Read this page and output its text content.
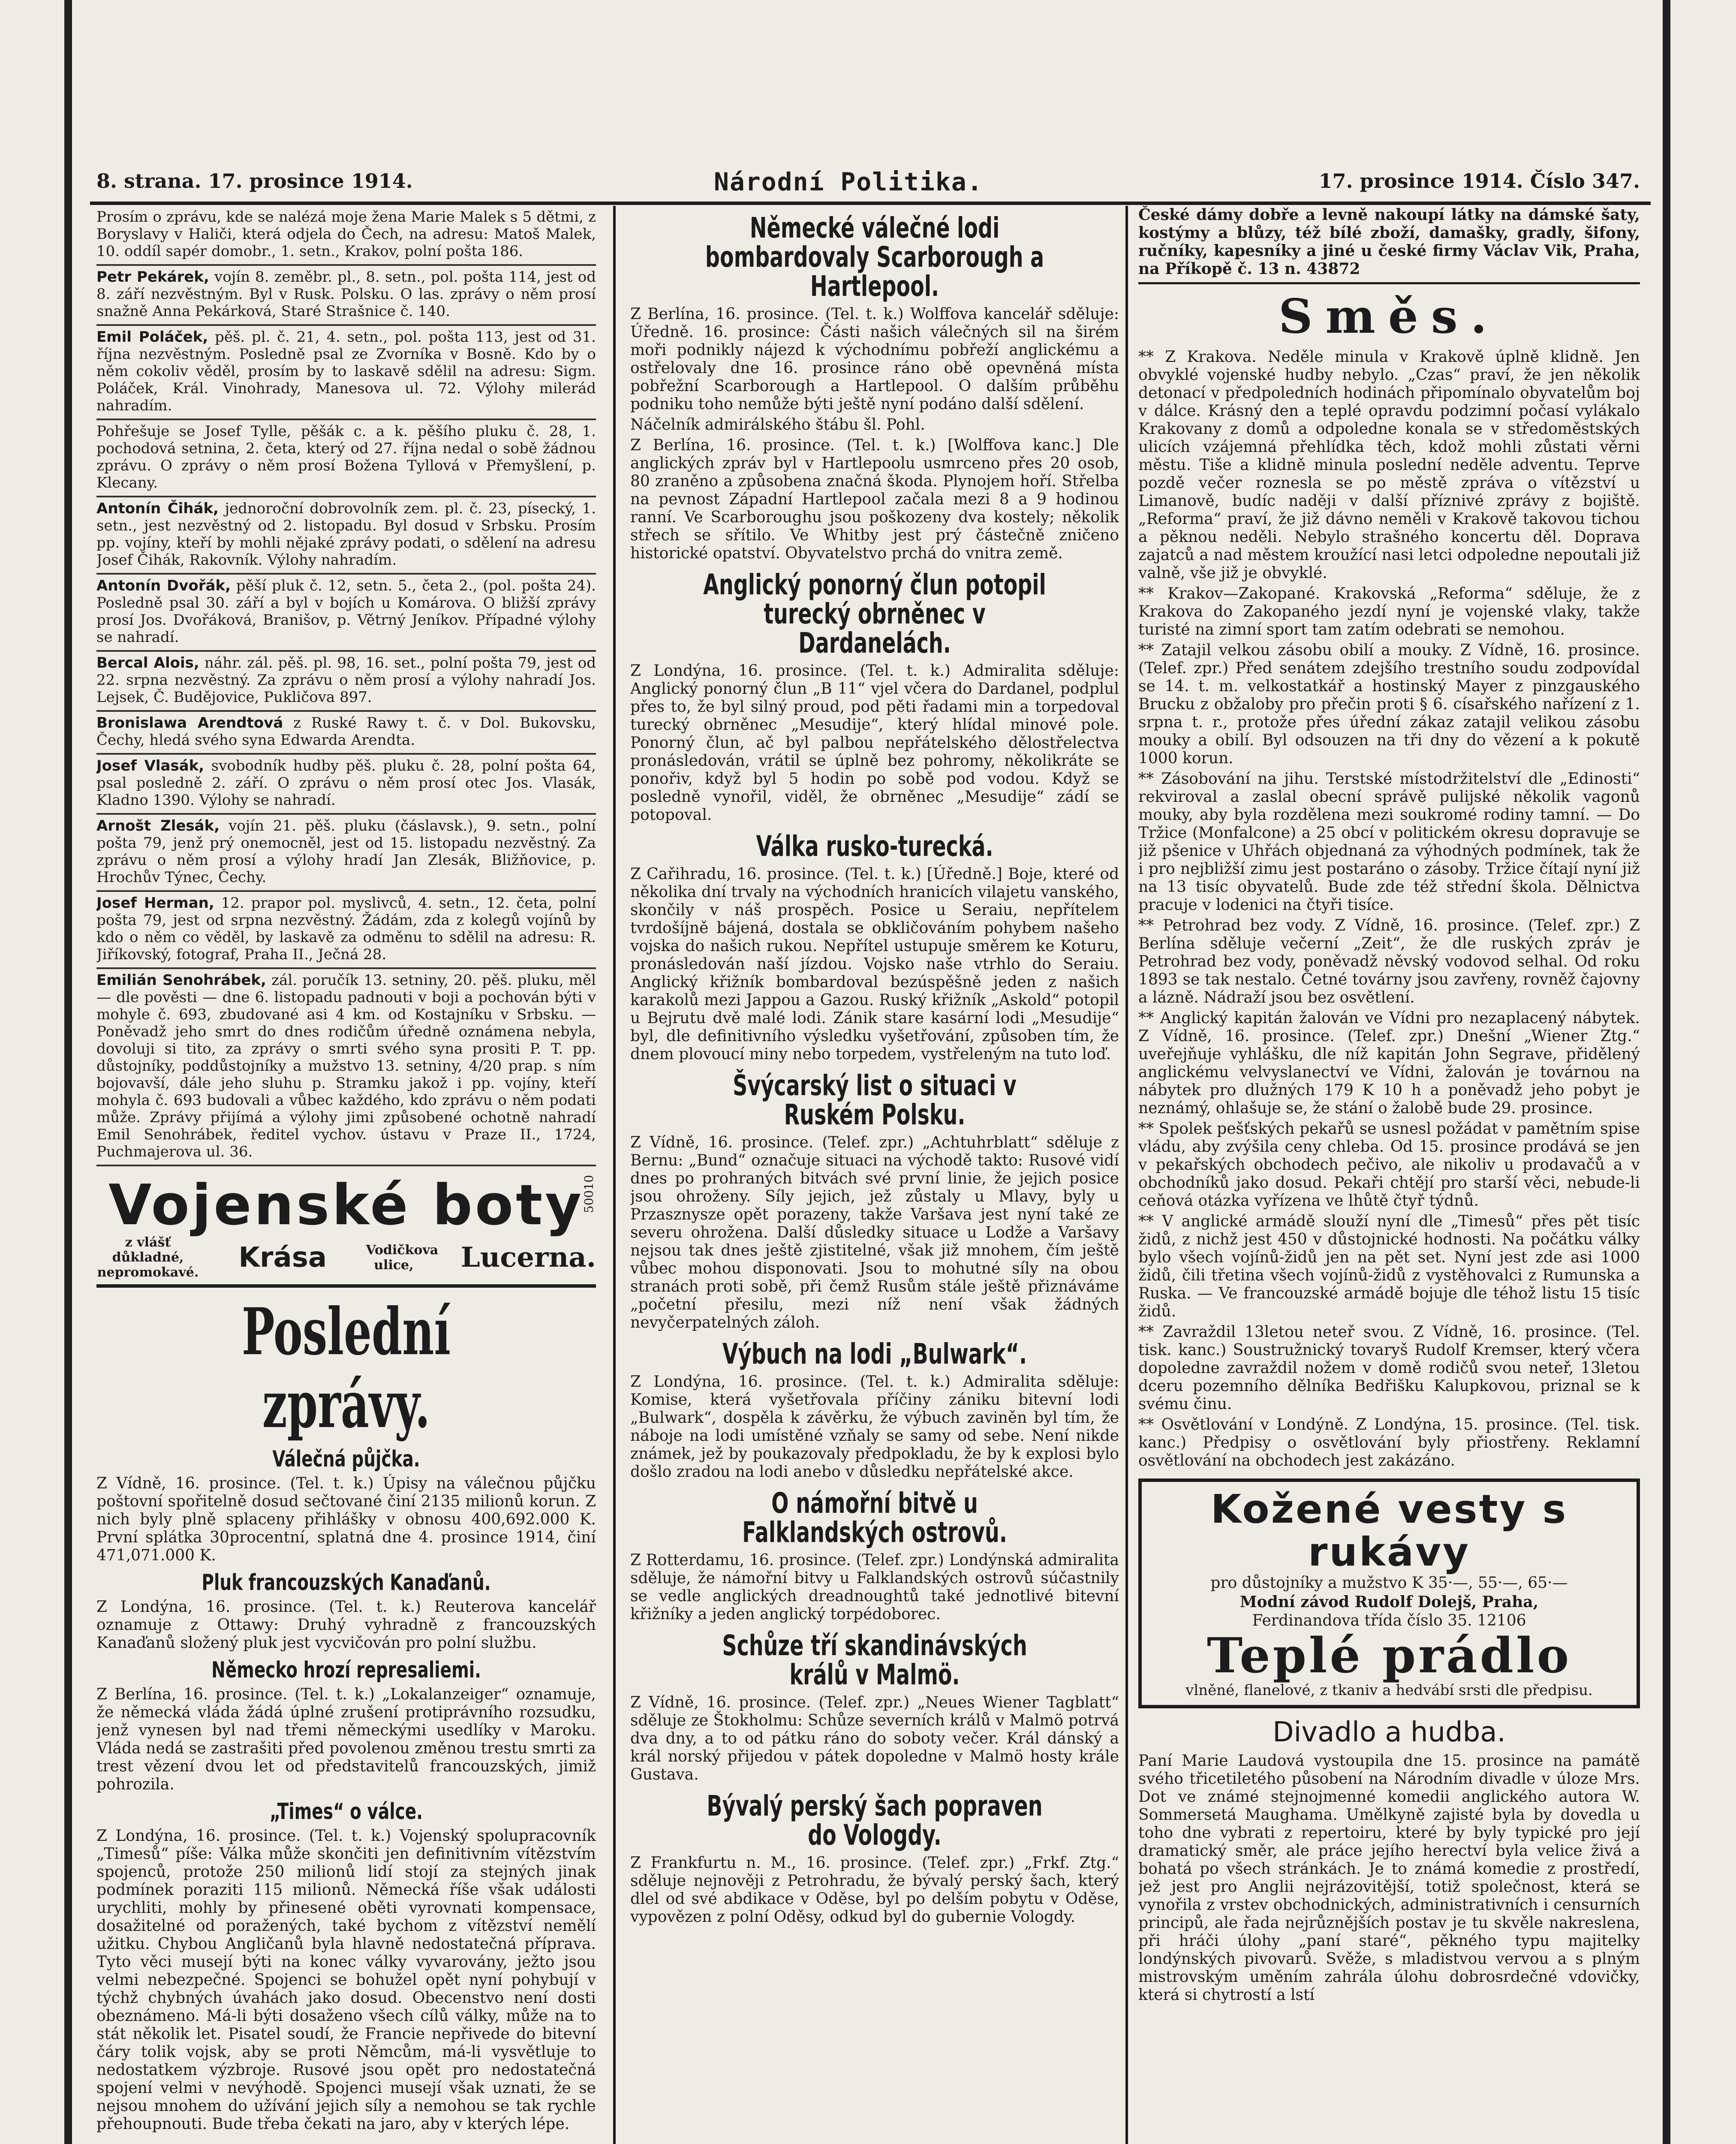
8. strana. 17. prosince 1914.	Národní Politika.	17. prosince 1914. Číslo 347.

Prosím o zprávu, kde se nalézá moje žena Marie Malek s 5 dětmi, z Boryslavy v Haliči, která odjela do Čech, na adresu: Matoš Malek, 10. oddíl sapér domobr., 1. setn., Krakov, polní pošta 186.

Petr Pekárek, vojín 8. zeměbr. pl., 8. setn., pol. pošta 114, jest od 8. září nezvěstným. Byl v Rusk. Polsku. O las. zprávy o něm prosí snažně Anna Pekárková, Staré Strašnice č. 140.

Emil Poláček, pěš. pl. č. 21, 4. setn., pol. pošta 113, jest od 31. října nezvěstným. Posledně psal ze Zvorníka v Bosně. Kdo by o něm cokoliv věděl, prosím by to laskavě sdělil na adresu: Sigm. Poláček, Král. Vinohrady, Manesova ul. 72. Výlohy milerád nahradím.

Pohřešuje se Josef Tylle, pěšák c. a k. pěšího pluku č. 28, 1. pochodová setnina, 2. četa, který od 27. října nedal o sobě žádnou zprávu. O zprávy o něm prosí Božena Tyllová v Přemyšlení, p. Klecany.

Antonín Čihák, jednoroční dobrovolník zem. pl. č. 23, písecký, 1. setn., jest nezvěstný od 2. listopadu. Byl dosud v Srbsku. Prosím pp. vojíny, kteří by mohli nějaké zprávy podati, o sdělení na adresu Josef Čihák, Rakovník. Výlohy nahradím.

Antonín Dvořák, pěší pluk č. 12, setn. 5., četa 2., (pol. pošta 24). Posledně psal 30. září a byl v bojích u Komárova. O bližší zprávy prosí Jos. Dvořáková, Branišov, p. Větrný Jeníkov. Případné výlohy se nahradí.

Bercal Alois, náhr. zál. pěš. pl. 98, 16. set., polní pošta 79, jest od 22. srpna nezvěstný. Za zprávu o něm prosí a výlohy nahradí Jos. Lejsek, Č. Budějovice, Pukličova 897.

Bronislawa Arendtová z Ruské Rawy t. č. v Dol. Bukovsku, Čechy, hledá svého syna Edwarda Arendta.

Josef Vlasák, svobodník hudby pěš. pluku č. 28, polní pošta 64, psal posledně 2. září. O zprávu o něm prosí otec Jos. Vlasák, Kladno 1390. Výlohy se nahradí.

Arnošt Zlesák, vojín 21. pěš. pluku (čáslavsk.), 9. setn., polní pošta 79, jenž prý onemocněl, jest od 15. listopadu nezvěstný. Za zprávu o něm prosí a výlohy hradí Jan Zlesák, Bližňovice, p. Hrochův Týnec, Čechy.

Josef Herman, 12. prapor pol. myslivců, 4. setn., 12. četa, polní pošta 79, jest od srpna nezvěstný. Žádám, zda z kolegů vojínů by kdo o něm co věděl, by laskavě za odměnu to sdělil na adresu: R. Jiříkovský, fotograf, Praha II., Ječná 28.

Emilián Senohrábek, zál. poručík 13. setniny, 20. pěš. pluku, měl — dle pověsti — dne 6. listopadu padnouti v boji a pochován býti v mohyle č. 693, zbudované asi 4 km. od Kostajníku v Srbsku. — Poněvadž jeho smrt do dnes rodičům úředně oznámena nebyla, dovoluji si tito, za zprávy o smrti svého syna prositi P. T. pp. důstojníky, poddůstojníky a mužstvo 13. setniny, 4/20 prap. s ním bojovavší, dále jeho sluhu p. Stramku jakož i pp. vojíny, kteří mohyla č. 693 budovali a vůbec každého, kdo zprávu o něm podati může. Zprávy přijímá a výlohy jimi způsobené ochotně nahradí Emil Senohrábek, ředitel vychov. ústavu v Praze II., 1724, Puchmajerova ul. 36.

Vojenské boty
z vlášť důkladné, nepromokavé. Krása	Vodičkova ulice, Lucerna.
50010
Poslední zprávy.
Válečná půjčka.

Z Vídně, 16. prosince. (Tel. t. k.) Úpisy na válečnou půjčku poštovní spořitelně dosud sečtované činí 2135 milionů korun. Z nich byly plně splaceny přihlášky v obnosu 400,692.000 K. První splátka 30procentní, splatná dne 4. prosince 1914, činí 471,071.000 K.

Pluk francouzských Kanaďanů.

Z Londýna, 16. prosince. (Tel. t. k.) Reuterova kancelář oznamuje z Ottawy: Druhý vyhradně z francouzských Kanaďanů složený pluk jest vycvičován pro polní službu.

Německo hrozí represaliemi.

Z Berlína, 16. prosince. (Tel. t. k.) „Lokalanzeiger“ oznamuje, že německá vláda žádá úplné zrušení protiprávního rozsudku, jenž vynesen byl nad třemi německými usedlíky v Maroku. Vláda nedá se zastrašiti před povolenou změnou trestu smrti za trest vězení dvou let od představitelů francouzských, jimiž pohrozila.

„Times“ o válce.

Z Londýna, 16. prosince. (Tel. t. k.) Vojenský spolupracovník „Timesů“ píše: Válka může skončiti jen definitivním vítězstvím spojenců, protože 250 milionů lidí stojí za stejných jinak podmínek poraziti 115 milionů. Německá říše však události urychliti, mohly by přinesené oběti vyrovnati kompensace, dosažitelné od poražených, také bychom z vítězství nemělí užitku. Chybou Angličanů byla hlavně nedostatečná příprava. Tyto věci musejí býti na konec války vyvarovány, ježto jsou velmi nebezpečné. Spojenci se bohužel opět nyní pohybují v týchž chybných úvahách jako dosud. Obecenstvo není dosti obeznámeno. Má-li býti dosaženo všech cílů války, může na to stát několik let. Pisatel soudí, že Francie nepřivede do bitevní čáry tolik vojsk, aby se proti Němcům, má-li vysvětluje to nedostatkem výzbroje. Rusové jsou opět pro nedostatečná spojení velmi v nevýhodě. Spojenci musejí však uznati, že se nejsou mnohem do užívání jejich síly a nemohou se tak rychle přehoupnouti. Bude třeba čekati na jaro, aby v kterých lépe.

Německé válečné lodi bombardovaly Scarborough a Hartlepool.

Z Berlína, 16. prosince. (Tel. t. k.) Wolffova kancelář sděluje: Úředně. 16. prosince: Části našich válečných sil na širém moři podnikly nájezd k východnímu pobřeží anglickému a ostřelovaly dne 16. prosince ráno obě opevněná místa pobřežní Scarborough a Hartlepool. O dalším průběhu podniku toho nemůže býti ještě nyní podáno další sdělení.

Náčelník admirálského štábu šl. Pohl.

Z Berlína, 16. prosince. (Tel. t. k.) [Wolffova kanc.] Dle anglických zpráv byl v Hartlepoolu usmrceno přes 20 osob, 80 zraněno a způsobena značná škoda. Plynojem hoří. Střelba na pevnost Západní Hartlepool začala mezi 8 a 9 hodinou ranní. Ve Scarboroughu jsou poškozeny dva kostely; několik střech se sřítilo. Ve Whitby jest prý částečně zničeno historické opatství. Obyvatelstvo prchá do vnitra země.

Anglický ponorný člun potopil turecký obrněnec v Dardanelách.

Z Londýna, 16. prosince. (Tel. t. k.) Admiralita sděluje: Anglický ponorný člun „B 11“ vjel včera do Dardanel, podplul přes to, že byl silný proud, pod pěti řadami min a torpedoval turecký obrněnec „Mesudije“, který hlídal minové pole. Ponorný člun, ač byl palbou nepřátelského dělostřelectva pronásledován, vrátil se úplně bez pohromy, několikráte se ponořiv, když byl 5 hodin po sobě pod vodou. Když se posledně vynořil, viděl, že obrněnec „Mesudije“ zádí se potopoval.

Válka rusko-turecká.

Z Cařihradu, 16. prosince. (Tel. t. k.) [Úředně.] Boje, které od několika dní trvaly na východních hranicích vilajetu vanského, skončily v náš prospěch. Posice u Seraiu, nepřítelem tvrdošíjně bájená, dostala se obkličováním pohybem našeho vojska do našich rukou. Nepřítel ustupuje směrem ke Koturu, pronásledován naší jízdou. Vojsko naše vtrhlo do Seraiu. Anglický křižník bombardoval bezúspěšně jeden z našich karakolů mezi Jappou a Gazou. Ruský křižník „Askold“ potopil u Bejrutu dvě malé lodi. Zánik stare kasární lodi „Mesudije“ byl, dle definitivního výsledku vyšetřování, způsoben tím, že dnem plovoucí miny nebo torpedem, vystřeleným na tuto loď.

Švýcarský list o situaci v Ruském Polsku.

Z Vídně, 16. prosince. (Telef. zpr.) „Achtuhrblatt“ sděluje z Bernu: „Bund“ označuje situaci na východě takto: Rusové vidí dnes po prohraných bitvách své první linie, že jejich posice jsou ohroženy. Síly jejich, jež zůstaly u Mlavy, byly u Przasznysze opět porazeny, takže Varšava jest nyní také ze severu ohrožena. Další důsledky situace u Lodže a Varšavy nejsou tak dnes ještě zjistitelné, však již mnohem, čím ještě vůbec mohou disponovati. Jsou to mohutné síly na obou stranách proti sobě, při čemž Rusům stále ještě přiznáváme „početní přesilu, mezi níž není však žádných nevyčerpatelných záloh.

Výbuch na lodi „Bulwark“.

Z Londýna, 16. prosince. (Tel. t. k.) Admiralita sděluje: Komise, která vyšetřovala příčiny zániku bitevní lodi „Bulwark“, dospěla k závěrku, že výbuch zaviněn byl tím, že náboje na lodi umístěné vzňaly se samy od sebe. Není nikde známek, jež by poukazovaly předpokladu, že by k explosi bylo došlo zradou na lodi anebo v důsledku nepřátelské akce.

O námořní bitvě u Falklandských ostrovů.

Z Rotterdamu, 16. prosince. (Telef. zpr.) Londýnská admiralita sděluje, že námořní bitvy u Falklandských ostrovů súčastnily se vedle anglických dreadnoughtů také jednotlivé bitevní křižníky a jeden anglický torpédoborec.

Schůze tří skandinávských králů v Malmö.

Z Vídně, 16. prosince. (Telef. zpr.) „Neues Wiener Tagblatt“ sděluje ze Štokholmu: Schůze severních králů v Malmö potrvá dva dny, a to od pátku ráno do soboty večer. Král dánský a král norský přijedou v pátek dopoledne v Malmö hosty krále Gustava.

Bývalý perský šach popraven do Vologdy.

Z Frankfurtu n. M., 16. prosince. (Telef. zpr.) „Frkf. Ztg.“ sděluje nejnověji z Petrohradu, že bývalý perský šach, který dlel od své abdikace v Oděse, byl po delším pobytu v Oděse, vypovězen z polní Oděsy, odkud byl do gubernie Vologdy.

České dámy dobře a levně nakoupí látky na dámské šaty, kostýmy a blůzy, též bílé zboží, damašky, gradly, šifony, ručníky, kapesníky a jiné u české firmy Václav Vik, Praha, na Příkopě č. 13 n. 43872

Směs.

** Z Krakova. Neděle minula v Krakově úplně klidně. Jen obvyklé vojenské hudby nebylo. „Czas“ praví, že jen několik detonací v předpoledních hodinách připomínalo obyvatelům boj v dálce. Krásný den a teplé opravdu podzimní počasí vylákalo Krakovany z domů a odpoledne konala se v středoměstských ulicích vzájemná přehlídka těch, kdož mohli zůstati věrni městu. Tiše a klidně minula poslední neděle adventu. Teprve pozdě večer roznesla se po městě zpráva o vítězství u Limanově, budíc naději v další příznivé zprávy z bojiště. „Reforma“ praví, že již dávno neměli v Krakově takovou tichou a pěknou neděli. Nebylo strašného koncertu děl. Doprava zajatců a nad městem kroužící nasi letci odpoledne nepoutali již valně, vše již je obvyklé.

** Krakov—Zakopané. Krakovská „Reforma“ sděluje, že z Krakova do Zakopaného jezdí nyní je vojenské vlaky, takže turisté na zimní sport tam zatím odebrati se nemohou.

** Zatajil velkou zásobu obilí a mouky. Z Vídně, 16. prosince. (Telef. zpr.) Před senátem zdejšího trestního soudu zodpovídal se 14. t. m. velkostatkář a hostinský Mayer z pinzgauského Brucku z obžaloby pro přečin proti § 6. císařského nařízení z 1. srpna t. r., protože přes úřední zákaz zatajil velikou zásobu mouky a obilí. Byl odsouzen na tři dny do vězení a k pokutě 1000 korun.

** Zásobování na jihu. Terstské místodržitelství dle „Edinosti“ rekviroval a zaslal obecní správě pulijské několik vagonů mouky, aby byla rozdělena mezi soukromé rodiny tamní. — Do Tržice (Monfalcone) a 25 obcí v politickém okresu dopravuje se již pšenice v Uhřách objednaná za výhodných podmínek, tak že i pro nejbližší zimu jest postaráno o zásoby. Tržice čítají nyní již na 13 tisíc obyvatelů. Bude zde též střední škola. Dělnictva pracuje v lodenici na čtyři tisíce.

** Petrohrad bez vody. Z Vídně, 16. prosince. (Telef. zpr.) Z Berlína sděluje večerní „Zeit“, že dle ruských zpráv je Petrohrad bez vody, poněvadž něvský vodovod selhal. Od roku 1893 se tak nestalo. Četné továrny jsou zavřeny, rovněž čajovny a lázně. Nádraží jsou bez osvětlení.

** Anglický kapitán žalován ve Vídni pro nezaplacený nábytek. Z Vídně, 16. prosince. (Telef. zpr.) Dnešní „Wiener Ztg.“ uveřejňuje vyhlášku, dle níž kapitán John Segrave, přidělený anglickému velvyslanectví ve Vídni, žalován je továrnou na nábytek pro dlužných 179 K 10 h a poněvadž jeho pobyt je neznámý, ohlašuje se, že stání o žalobě bude 29. prosince.

** Spolek pešťských pekařů se usnesl požádat v pamětním spise vládu, aby zvýšila ceny chleba. Od 15. prosince prodává se jen v pekařských obchodech pečivo, ale nikoliv u prodavačů a v obchodníků jako dosud. Pekaři chtějí pro starší věci, nebude-li ceňová otázka vyřízena ve lhůtě čtyř týdnů.

** V anglické armádě slouží nyní dle „Timesů“ přes pět tisíc židů, z nichž jest 450 v důstojnické hodnosti. Na počátku války bylo všech vojínů-židů jen na pět set. Nyní jest zde asi 1000 židů, čili třetina všech vojínů-židů z vystěhovalci z Rumunska a Ruska. — Ve francouzské armádě bojuje dle téhož listu 15 tisíc židů.

** Zavraždil 13letou neteř svou. Z Vídně, 16. prosince. (Tel. tisk. kanc.) Soustružnický tovaryš Rudolf Kremser, který včera dopoledne zavraždil nožem v domě rodičů svou neteř, 13letou dceru pozemního dělníka Bedřišku Kalupkovou, priznal se k svému činu.

** Osvětlování v Londýně. Z Londýna, 15. prosince. (Tel. tisk. kanc.) Předpisy o osvětlování byly přiostřeny. Reklamní osvětlování na obchodech jest zakázáno.

Kožené vesty s rukávy
pro důstojníky a mužstvo K 35·—, 55·—, 65·—
Modní závod Rudolf Dolejš, Praha,
Ferdinandova třída číslo 35. 12106
Teplé prádlo
vlněné, flanelové, z tkaniv a hedvábí srsti dle předpisu.
Divadlo a hudba.

Paní Marie Laudová vystoupila dne 15. prosince na památě svého třicetiletého působení na Národním divadle v úloze Mrs. Dot ve známé stejnojmenné komedii anglického autora W. Sommersetá Maughama. Umělkyně zajisté byla by dovedla u toho dne vybrati z repertoiru, které by byly typické pro její dramatický směr, ale práce jejího herectví byla velice živá a bohatá po všech stránkách. Je to známá komedie z prostředí, jež jest pro Anglii nejrázovitější, totiž společnost, která se vynořila z vrstev obchodnických, administrativních i censurních principů, ale řada nejrůznějších postav je tu skvěle nakreslena, při hráči úlohy „paní staré“, pěkného typu majitelky londýnských pivovarů. Svěže, s mladistvou vervou a s plným mistrovským uměním zahrála úlohu dobrosrdečné vdovičky, která si chytrostí a lstí
